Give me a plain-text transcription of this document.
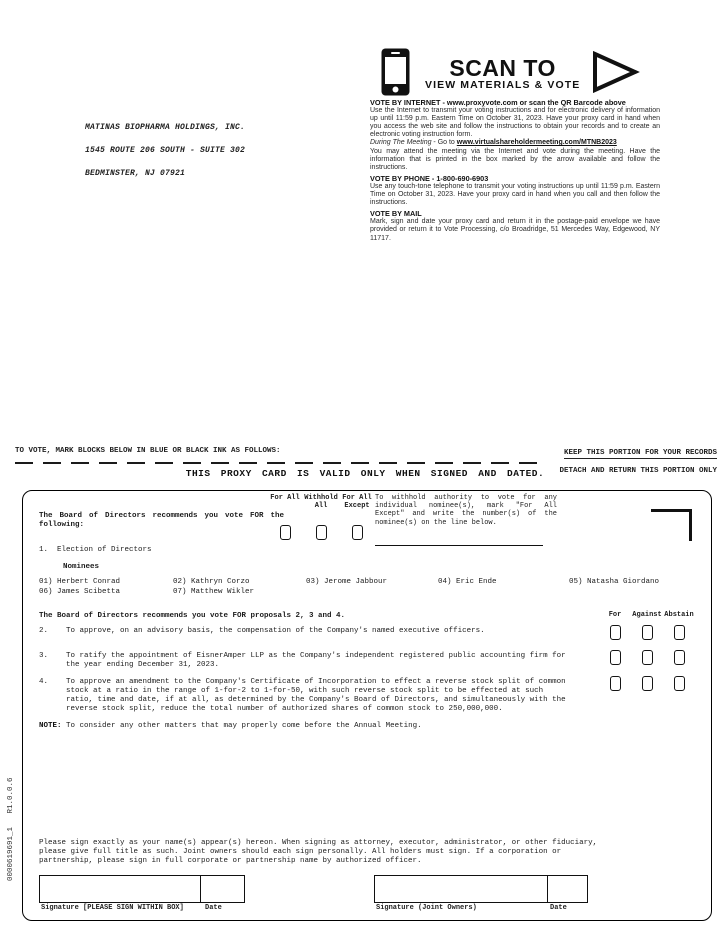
MATINAS BIOPHARMA HOLDINGS, INC.

1545 ROUTE 206 SOUTH - SUITE 302

BEDMINSTER, NJ 07921

SCAN TO
VIEW MATERIALS & VOTE
VOTE BY INTERNET - www.proxyvote.com or scan the QR Barcode above
Use the Internet to transmit your voting instructions and for electronic delivery of information up until 11:59 p.m. Eastern Time on October 31, 2023. Have your proxy card in hand when you access the web site and follow the instructions to obtain your records and to create an electronic voting instruction form.
During The Meeting - Go to www.virtualshareholdermeeting.com/MTNB2023
You may attend the meeting via the Internet and vote during the meeting. Have the information that is printed in the box marked by the arrow available and follow the instructions.
VOTE BY PHONE - 1-800-690-6903
Use any touch-tone telephone to transmit your voting instructions up until 11:59 p.m. Eastern Time on October 31, 2023. Have your proxy card in hand when you call and then follow the instructions.
VOTE BY MAIL
Mark, sign and date your proxy card and return it in the postage-paid envelope we have provided or return it to Vote Processing, c/o Broadridge, 51 Mercedes Way, Edgewood, NY 11717.
TO VOTE, MARK BLOCKS BELOW IN BLUE OR BLACK INK AS FOLLOWS:	KEEP THIS PORTION FOR YOUR RECORDS
THIS PROXY CARD IS VALID ONLY WHEN SIGNED AND DATED.	DETACH AND RETURN THIS PORTION ONLY
The Board of Directors recommends you vote FOR the following:
For All Withhold All
For All Except
To withhold authority to vote for any individual nominee(s), mark "For All Except" and write the number(s) of the nominee(s) on the line below.
1. Election of Directors
Nominees
01) Herbert Conrad	02) Kathryn Corzo	03) Jerome Jabbour	04) Eric Ende	05) Natasha Giordano
06) James Scibetta	07) Matthew Wikler
The Board of Directors recommends you vote FOR proposals 2, 3 and 4.	For	Against Abstain
2. To approve, on an advisory basis, the compensation of the Company's named executive officers.
3. To ratify the appointment of EisnerAmper LLP as the Company's independent registered public accounting firm for the year ending December 31, 2023.
4. To approve an amendment to the Company's Certificate of Incorporation to effect a reverse stock split of common stock at a ratio in the range of 1-for-2 to 1-for-50, with such reverse stock split to be effected at such ratio, time and date, if at all, as determined by the Company's Board of Directors, and simultaneously with the reverse stock split, reduce the total number of authorized shares of common stock to 250,000,000.
NOTE: To consider any other matters that may properly come before the Annual Meeting.
Please sign exactly as your name(s) appear(s) hereon. When signing as attorney, executor, administrator, or other fiduciary, please give full title as such. Joint owners should each sign personally. All holders must sign. If a corporation or partnership, please sign in full corporate or partnership name by authorized officer.
Signature [PLEASE SIGN WITHIN BOX]	Date	Signature (Joint Owners)	Date
0000619691_1   R1.0.0.6
